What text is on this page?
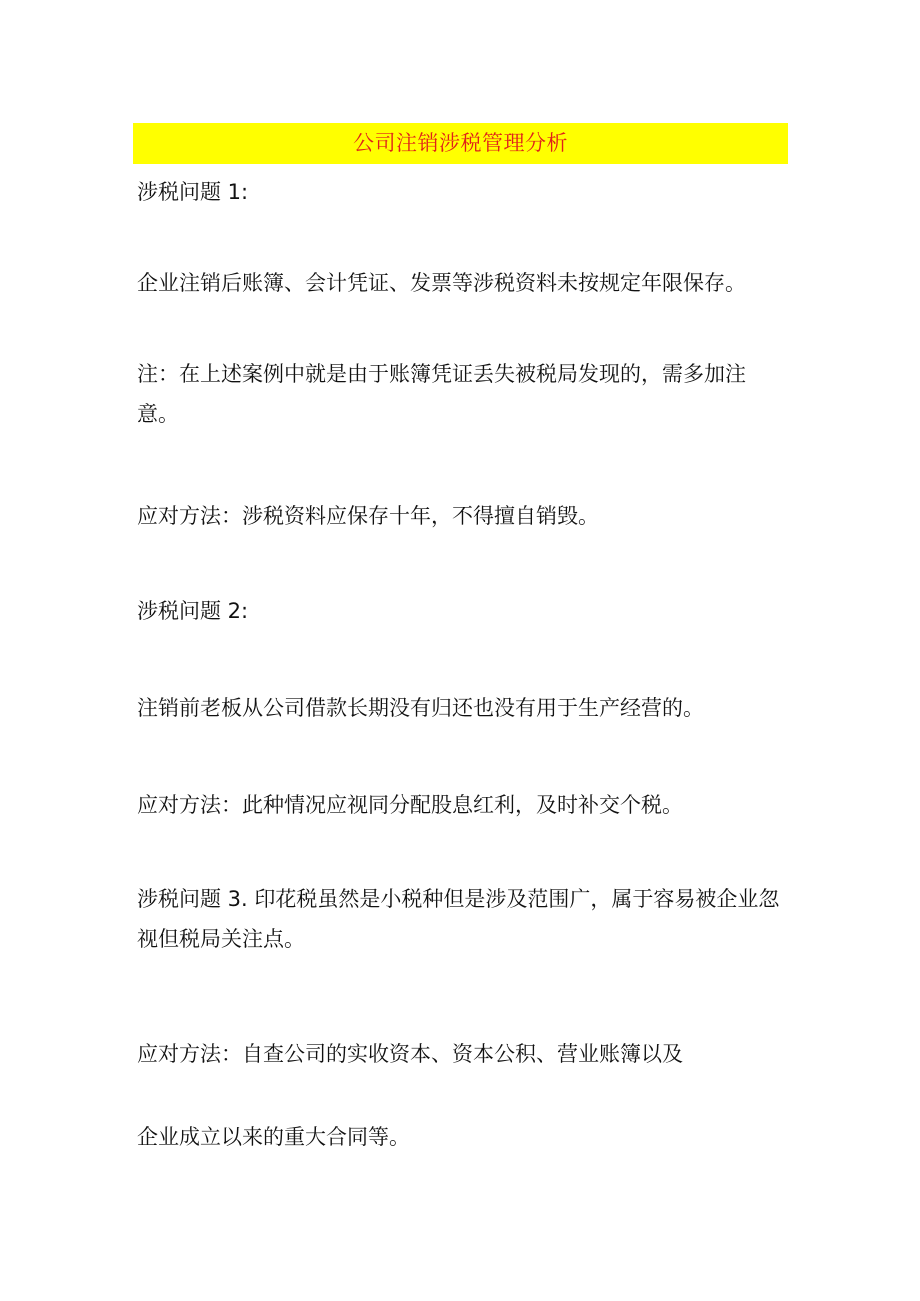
公司注销涉税管理分析

涉税问题 1:

企业注销后账簿、会计凭证、发票等涉税资料未按规定年限保存。

注：在上述案例中就是由于账簿凭证丢失被税局发现的，需多加注意。

应对方法：涉税资料应保存十年，不得擅自销毁。

涉税问题 2:

注销前老板从公司借款长期没有归还也没有用于生产经营的。

应对方法：此种情况应视同分配股息红利，及时补交个税。

涉税问题 3. 印花税虽然是小税种但是涉及范围广，属于容易被企业忽视但税局关注点。

应对方法：自查公司的实收资本、资本公积、营业账簿以及

企业成立以来的重大合同等。
